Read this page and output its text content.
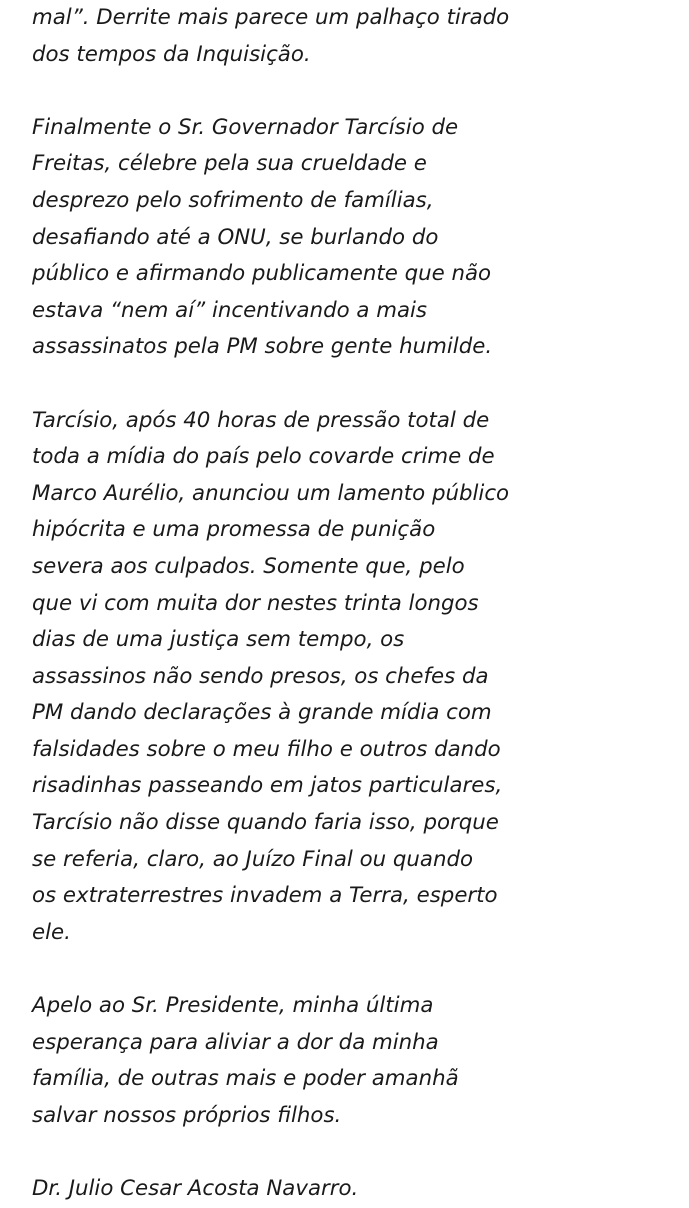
mal”. Derrite mais parece um palhaço tirado
dos tempos da Inquisição.
Finalmente o Sr. Governador Tarcísio de
Freitas, célebre pela sua crueldade e
desprezo pelo sofrimento de famílias,
desafiando até a ONU, se burlando do
público e afirmando publicamente que não
estava “nem aí” incentivando a mais
assassinatos pela PM sobre gente humilde.
Tarcísio, após 40 horas de pressão total de
toda a mídia do país pelo covarde crime de
Marco Aurélio, anunciou um lamento público
hipócrita e uma promessa de punição
severa aos culpados. Somente que, pelo
que vi com muita dor nestes trinta longos
dias de uma justiça sem tempo, os
assassinos não sendo presos, os chefes da
PM dando declarações à grande mídia com
falsidades sobre o meu filho e outros dando
risadinhas passeando em jatos particulares,
Tarcísio não disse quando faria isso, porque
se referia, claro, ao Juízo Final ou quando
os extraterrestres invadem a Terra, esperto
ele.
Apelo ao Sr. Presidente, minha última
esperança para aliviar a dor da minha
família, de outras mais e poder amanhã
salvar nossos próprios filhos.
Dr. Julio Cesar Acosta Navarro.
